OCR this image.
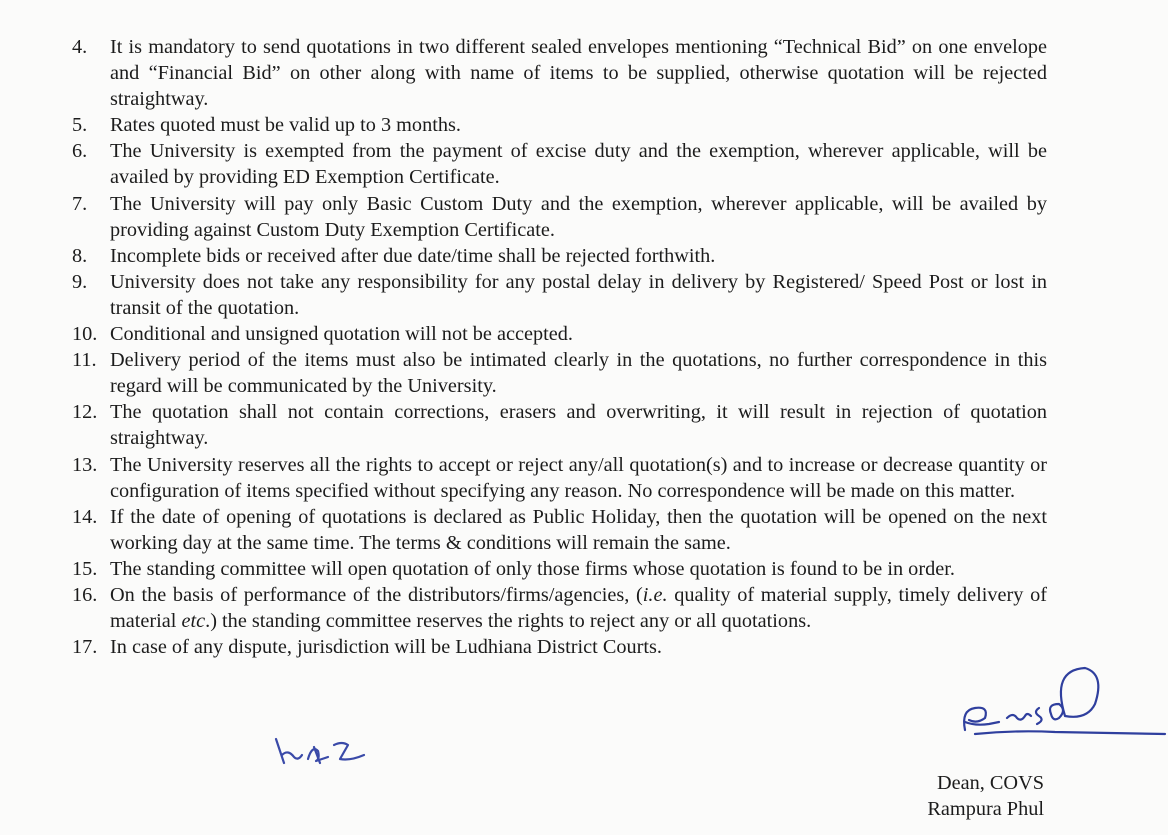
4.	It is mandatory to send quotations in two different sealed envelopes mentioning “Technical Bid” on one envelope and “Financial Bid” on other along with name of items to be supplied, otherwise quotation will be rejected straightway.
5.	Rates quoted must be valid up to 3 months.
6.	The University is exempted from the payment of excise duty and the exemption, wherever applicable, will be availed by providing ED Exemption Certificate.
7.	The University will pay only Basic Custom Duty and the exemption, wherever applicable, will be availed by providing against Custom Duty Exemption Certificate.
8.	Incomplete bids or received after due date/time shall be rejected forthwith.
9.	University does not take any responsibility for any postal delay in delivery by Registered/ Speed Post or lost in transit of the quotation.
10. Conditional and unsigned quotation will not be accepted.
11. Delivery period of the items must also be intimated clearly in the quotations, no further correspondence in this regard will be communicated by the University.
12. The quotation shall not contain corrections, erasers and overwriting, it will result in rejection of quotation straightway.
13. The University reserves all the rights to accept or reject any/all quotation(s) and to increase or decrease quantity or configuration of items specified without specifying any reason. No correspondence will be made on this matter.
14. If the date of opening of quotations is declared as Public Holiday, then the quotation will be opened on the next working day at the same time. The terms & conditions will remain the same.
15. The standing committee will open quotation of only those firms whose quotation is found to be in order.
16. On the basis of performance of the distributors/firms/agencies, (i.e. quality of material supply, timely delivery of material etc.) the standing committee reserves the rights to reject any or all quotations.
17. In case of any dispute, jurisdiction will be Ludhiana District Courts.
Dean, COVS
Rampura Phul
